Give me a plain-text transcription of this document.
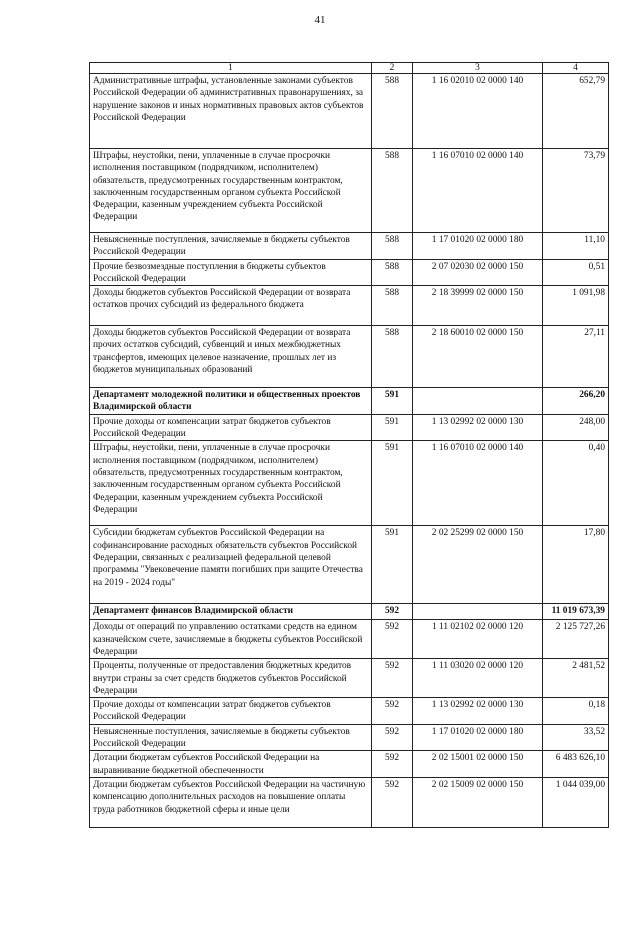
41
1	2	3	4
Административные штрафы, установленные законами субъектов Российской Федерации об административных правонарушениях, за нарушение законов и иных нормативных правовых актов субъектов Российской Федерации	588	1 16 02010 02 0000 140	652,79
Штрафы, неустойки, пени, уплаченные в случае просрочки исполнения поставщиком (подрядчиком, исполнителем) обязательств, предусмотренных государственным контрактом, заключенным государственным органом субъекта Российской Федерации, казенным учреждением субъекта Российской Федерации	588	1 16 07010 02 0000 140	73,79
Невыясненные поступления, зачисляемые в бюджеты субъектов Российской Федерации	588	1 17 01020 02 0000 180	11,10
Прочие безвозмездные поступления в бюджеты субъектов Российской Федерации	588	2 07 02030 02 0000 150	0,51
Доходы бюджетов субъектов Российской Федерации от возврата остатков прочих субсидий из федерального бюджета	588	2 18 39999 02 0000 150	1 091,98
Доходы бюджетов субъектов Российской Федерации от возврата прочих остатков субсидий, субвенций и иных межбюджетных трансфертов, имеющих целевое назначение, прошлых лет из бюджетов муниципальных образований	588	2 18 60010 02 0000 150	27,11
Департамент молодежной политики и общественных проектов Владимирской области	591		266,20
Прочие доходы от компенсации затрат бюджетов субъектов Российской Федерации	591	1 13 02992 02 0000 130	248,00
Штрафы, неустойки, пени, уплаченные в случае просрочки исполнения поставщиком (подрядчиком, исполнителем) обязательств, предусмотренных государственным контрактом, заключенным государственным органом субъекта Российской Федерации, казенным учреждением субъекта Российской Федерации	591	1 16 07010 02 0000 140	0,40
Субсидии бюджетам субъектов Российской Федерации на софинансирование расходных обязательств субъектов Российской Федерации, связанных с реализацией федеральной целевой программы "Увековечение памяти погибших при защите Отечества на 2019 - 2024 годы"	591	2 02 25299 02 0000 150	17,80
Департамент финансов Владимирской области	592		11 019 673,39
Доходы от операций по управлению остатками средств на едином казначейском счете, зачисляемые в бюджеты субъектов Российской Федерации	592	1 11 02102 02 0000 120	2 125 727,26
Проценты, полученные от предоставления бюджетных кредитов внутри страны за счет средств бюджетов субъектов Российской Федерации	592	1 11 03020 02 0000 120	2 481,52
Прочие доходы от компенсации затрат бюджетов субъектов Российской Федерации	592	1 13 02992 02 0000 130	0,18
Невыясненные поступления, зачисляемые в бюджеты субъектов Российской Федерации	592	1 17 01020 02 0000 180	33,52
Дотации бюджетам субъектов Российской Федерации на выравнивание бюджетной обеспеченности	592	2 02 15001 02 0000 150	6 483 626,10
Дотации бюджетам субъектов Российской Федерации на частичную компенсацию дополнительных расходов на повышение оплаты труда работников бюджетной сферы и иные цели	592	2 02 15009 02 0000 150	1 044 039,00
